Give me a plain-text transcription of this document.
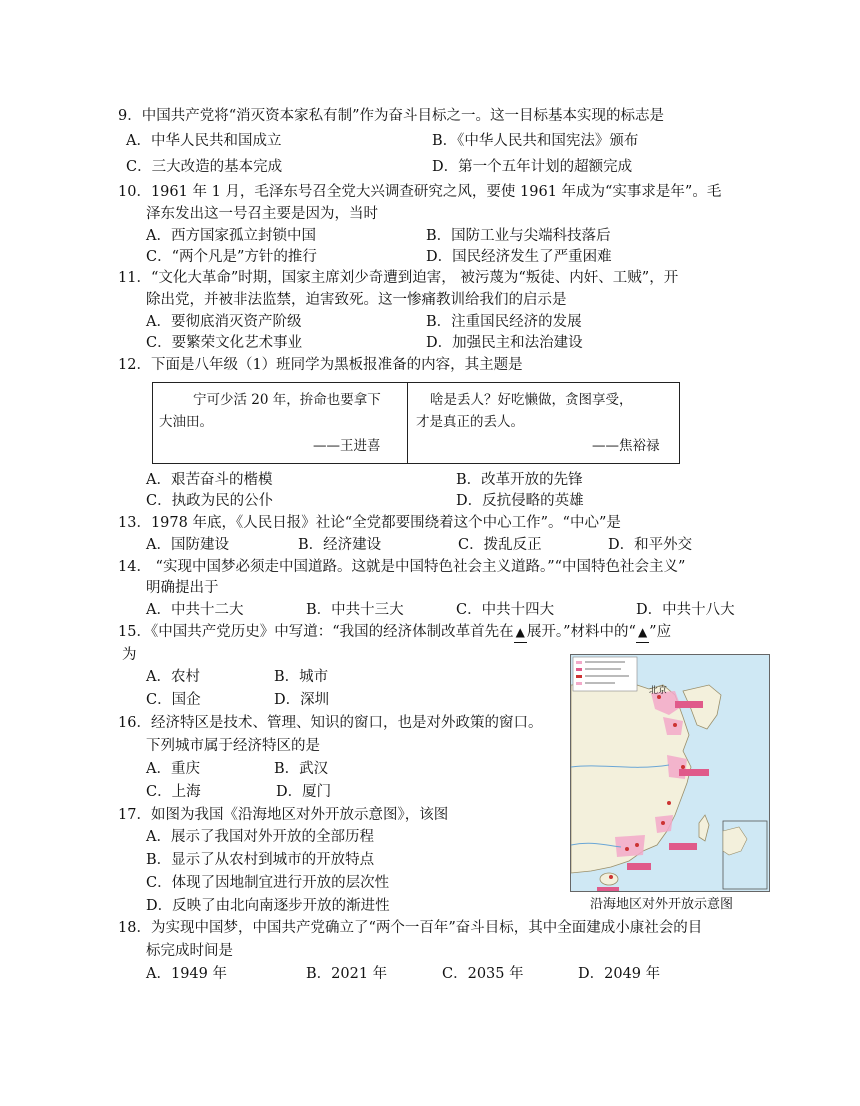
9．中国共产党将“消灭资本家私有制”作为奋斗目标之一。这一目标基本实现的标志是
A．中华人民共和国成立	B．《中华人民共和国宪法》颁布
C．三大改造的基本完成	D．第一个五年计划的超额完成
10．1961 年 1 月，毛泽东号召全党大兴调查研究之风，要使 1961 年成为“实事求是年”。毛
泽东发出这一号召主要是因为，当时
A．西方国家孤立封锁中国	B．国防工业与尖端科技落后
C．“两个凡是”方针的推行	D．国民经济发生了严重困难
11．“文化大革命”时期，国家主席刘少奇遭到迫害， 被污蔑为“叛徒、内奸、工贼”，开
除出党，并被非法监禁，迫害致死。这一惨痛教训给我们的启示是
A．要彻底消灭资产阶级	B．注重国民经济的发展
C．要繁荣文化艺术事业	D．加强民主和法治建设
12．下面是八年级（1）班同学为黑板报准备的内容，其主题是
宁可少活 20 年，拚命也要拿下
大油田。
——王进喜
啥是丢人？好吃懒做，贪图享受，
才是真正的丢人。
——焦裕禄
A．艰苦奋斗的楷模	B．改革开放的先锋
C．执政为民的公仆	D．反抗侵略的英雄
13．1978 年底，《人民日报》社论“全党都要围绕着这个中心工作”。“中心”是
A．国防建设	B．经济建设	C．拨乱反正	D．和平外交
14． “实现中国梦必须走中国道路。这就是中国特色社会主义道路。”“中国特色社会主义”
明确提出于
A．中共十二大	B．中共十三大	C．中共十四大	D．中共十八大
15．《中国共产党历史》中写道：“我国的经济体制改革首先在 ▲ 展开。”材料中的“ ▲ ”应
为
A．农村	B．城市
C．国企	D．深圳
16．经济特区是技术、管理、知识的窗口，也是对外政策的窗口。
下列城市属于经济特区的是
A．重庆	B．武汉
C．上海	D．厦门
17．如图为我国《沿海地区对外开放示意图》，该图
A．展示了我国对外开放的全部历程
B．显示了从农村到城市的开放特点
C．体现了因地制宜进行开放的层次性
D．反映了由北向南逐步开放的渐进性
北京
沿海地区对外开放示意图
18．为实现中国梦，中国共产党确立了“两个一百年”奋斗目标，其中全面建成小康社会的目
标完成时间是
A．1949 年	B．2021 年	C．2035 年	D．2049 年
